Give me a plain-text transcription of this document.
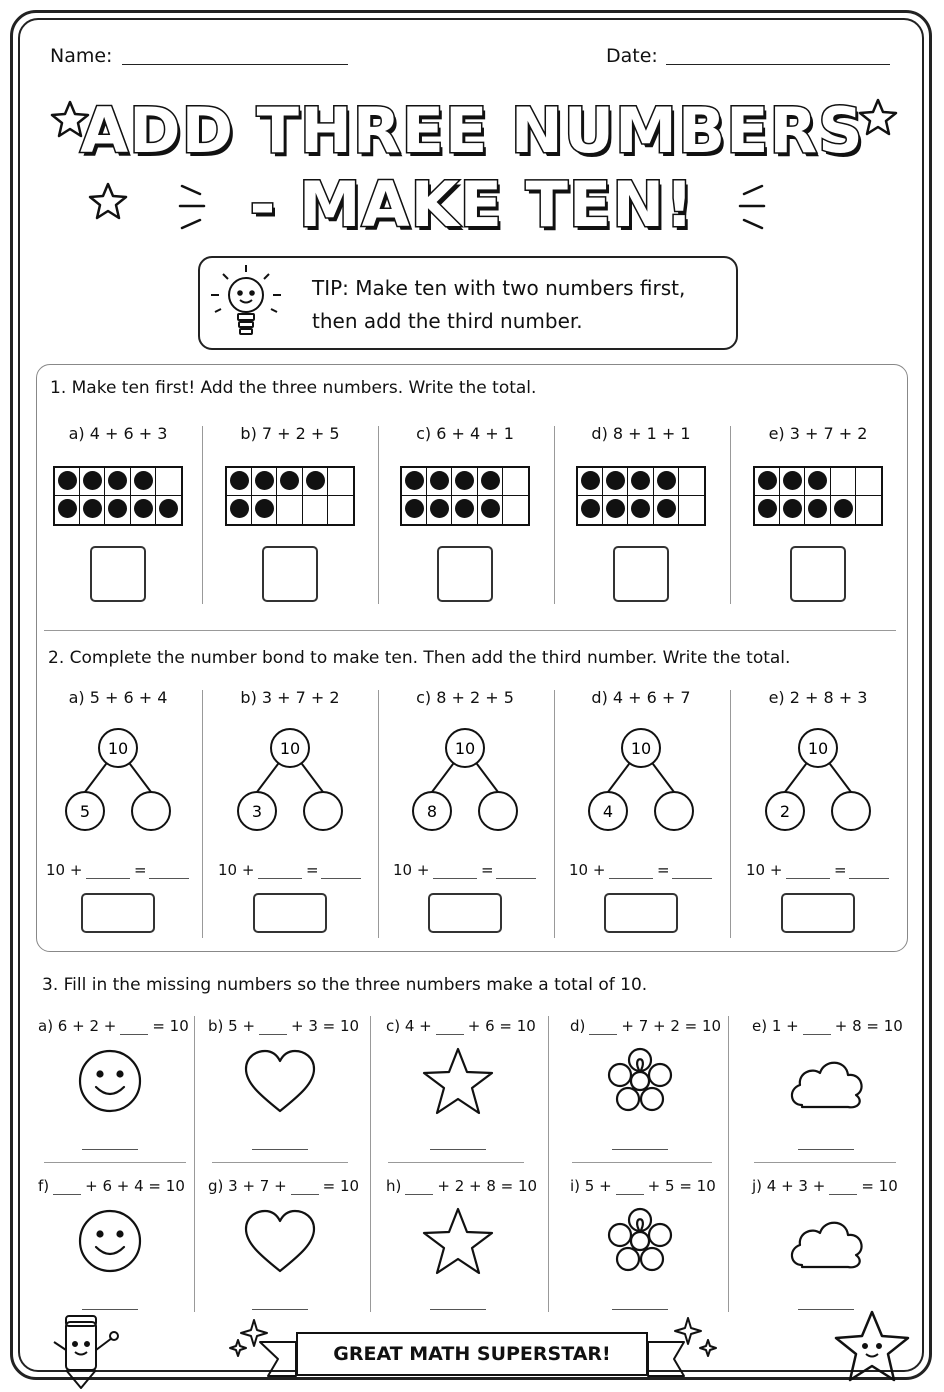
Name:	Date:
ADD THREE NUMBERS
- MAKE TEN!
TIP: Make ten with two numbers first,
then add the third number.
1. Make ten first! Add the three numbers. Write the total.
a) 4 + 6 + 3	b) 7 + 2 + 5	c) 6 + 4 + 1	d) 8 + 1 + 1	e) 3 + 7 + 2
2. Complete the number bond to make ten. Then add the third number. Write the total.
a) 5 + 6 + 4
10
5
10 +	=
b) 3 + 7 + 2
10
3
10 +	=
c) 8 + 2 + 5
10
8
10 +	=
d) 4 + 6 + 7
10
4
10 +	=
e) 2 + 8 + 3
10
2
10 +	=
3. Fill in the missing numbers so the three numbers make a total of 10.
a) 6 + 2 + = 10 b) 5 + + 3 = 10 c) 4 + + 6 = 10 d) + 7 + 2 = 10 e) 1 + + 8 = 10
f) + 6 + 4 = 10 g) 3 + 7 + = 10 h) + 2 + 8 = 10 i) 5 + + 5 = 10 j) 4 + 3 + = 10
GREAT MATH SUPERSTAR!
